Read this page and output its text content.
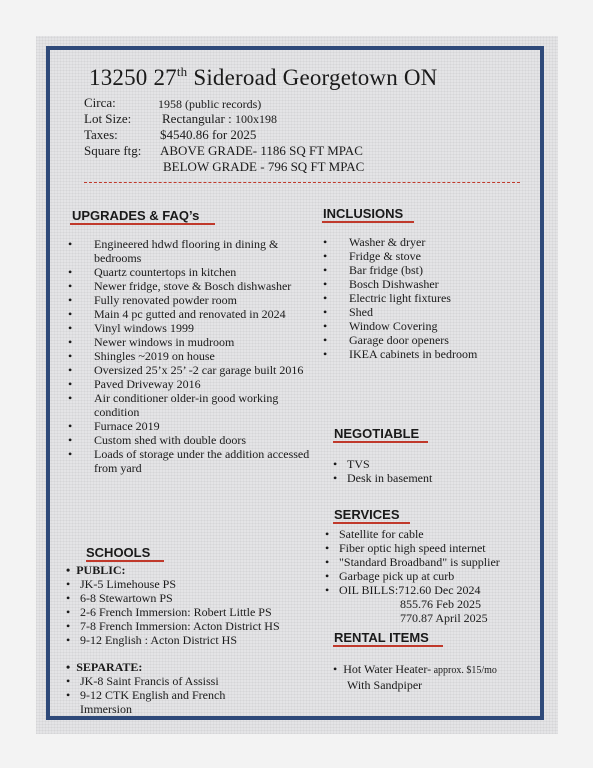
13250 27th Sideroad Georgetown ON
Circa:	1958 (public records)
Lot Size: Rectangular : 100x198
Taxes:	$4540.86 for 2025
Square ftg: ABOVE GRADE- 1186 SQ FT MPAC
BELOW GRADE - 796 SQ FT MPAC
UPGRADES & FAQ’s
• Engineered hdwd flooring in dining & bedrooms
• Quartz countertops in kitchen
• Newer fridge, stove & Bosch dishwasher
• Fully renovated powder room
• Main 4 pc gutted and renovated in 2024
• Vinyl windows 1999
• Newer windows in mudroom
• Shingles ~2019 on house
• Oversized 25’x 25’ -2 car garage built 2016
• Paved Driveway 2016
• Air conditioner older-in good working condition
• Furnace 2019
• Custom shed with double doors
• Loads of storage under the addition accessed from yard
INCLUSIONS
• Washer & dryer
• Fridge & stove
• Bar fridge (bst)
• Bosch Dishwasher
• Electric light fixtures
• Shed
• Window Covering
• Garage door openers
• IKEA cabinets in bedroom
NEGOTIABLE
• TVS
• Desk in basement
SERVICES
• Satellite for cable
• Fiber optic high speed internet
• "Standard Broadband" is supplier
• Garbage pick up at curb
• OIL BILLS:712.60 Dec 2024
855.76 Feb 2025
770.87 April 2025
RENTAL ITEMS
•  Hot Water Heater- approx. $15/mo
With Sandpiper
SCHOOLS
•  PUBLIC:
• JK-5 Limehouse PS
• 6-8 Stewartown PS
• 2-6 French Immersion: Robert Little PS
• 7-8 French Immersion: Acton District HS
• 9-12 English : Acton District HS
•  SEPARATE:
• JK-8 Saint Francis of Assissi
• 9-12 CTK English and French Immersion
